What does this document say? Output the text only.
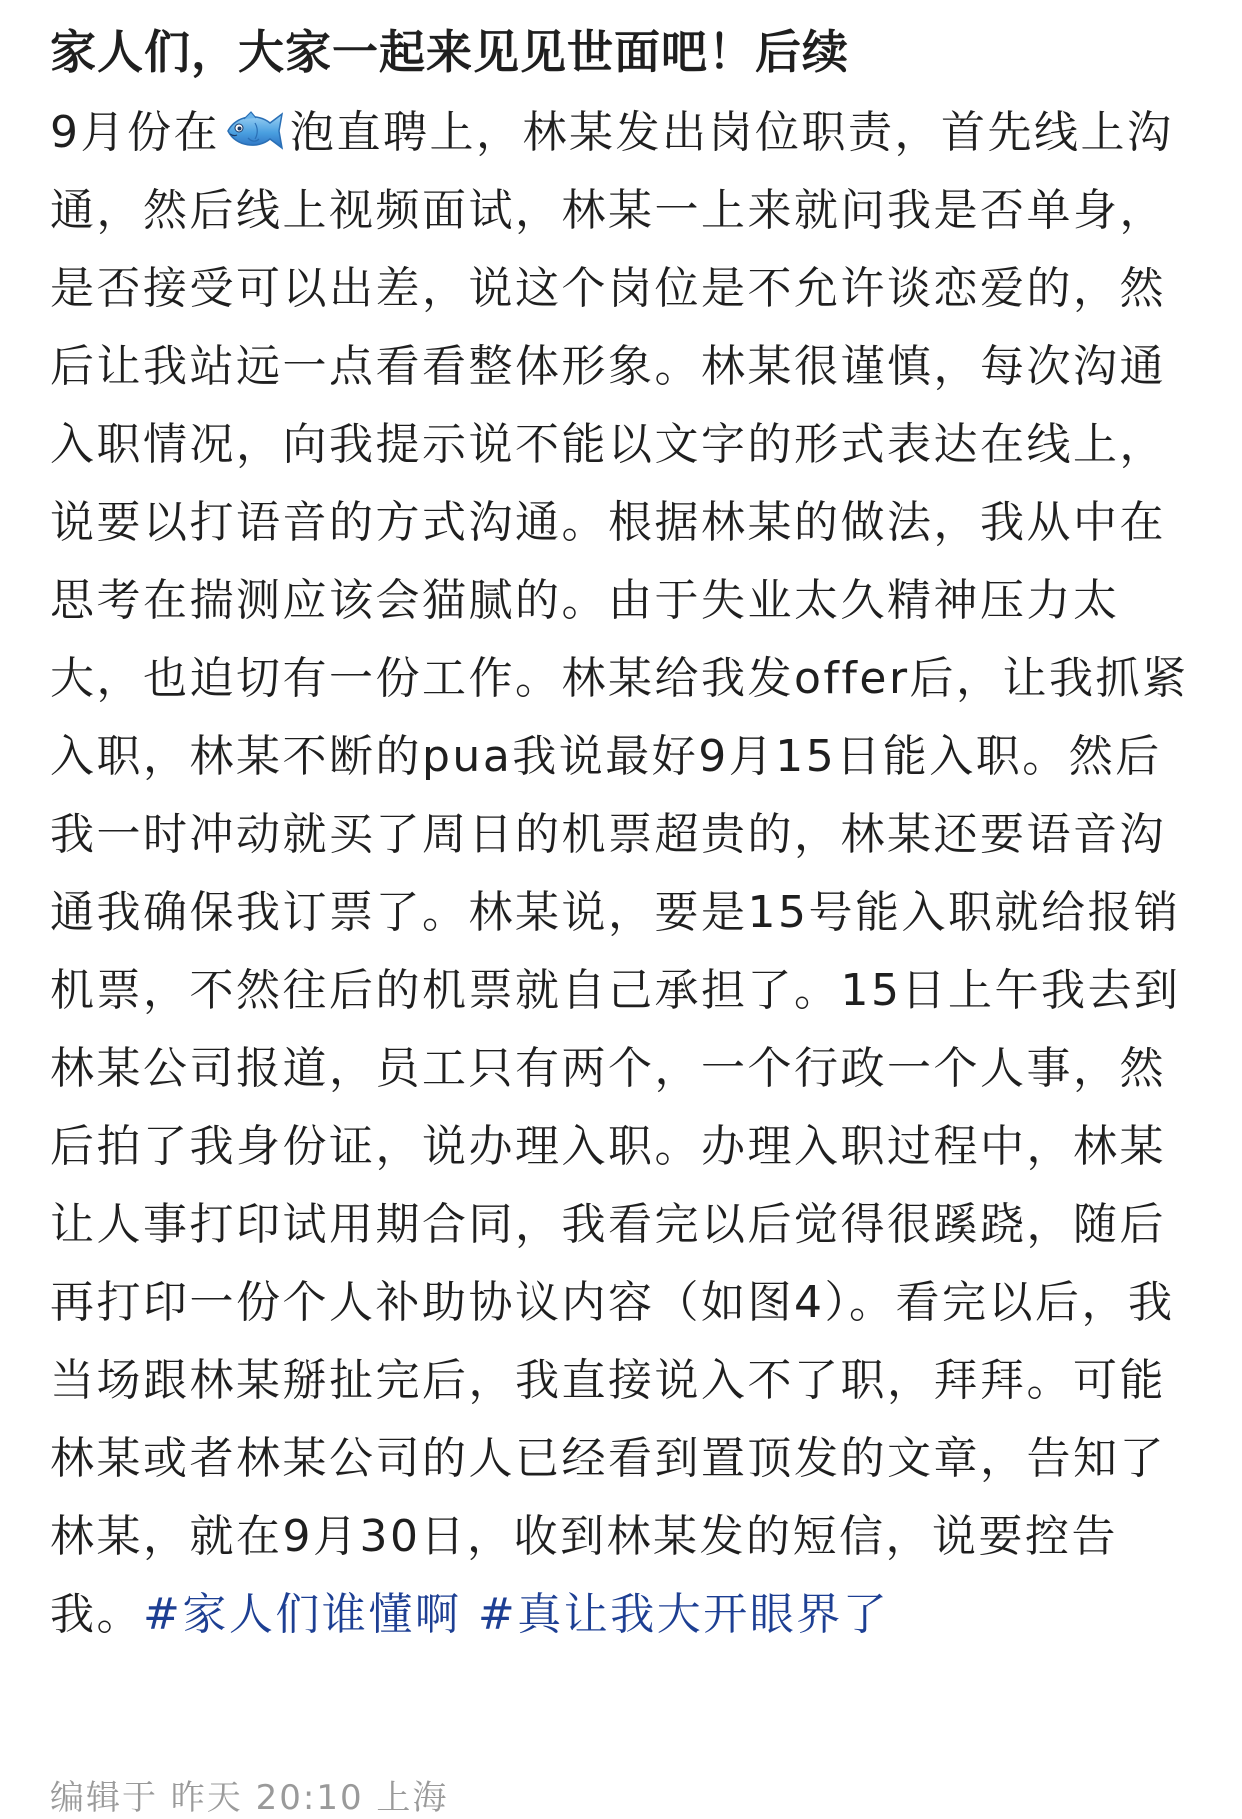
家人们，大家一起来见见世面吧！后续

9月份在 泡直聘上，林某发出岗位职责，首先线上沟通，然后线上视频面试，林某一上来就问我是否单身，是否接受可以出差，说这个岗位是不允许谈恋爱的，然后让我站远一点看看整体形象。林某很谨慎，每次沟通入职情况，向我提示说不能以文字的形式表达在线上，说要以打语音的方式沟通。根据林某的做法，我从中在思考在揣测应该会猫腻的。由于失业太久精神压力太大，也迫切有一份工作。林某给我发offer后，让我抓紧入职，林某不断的pua我说最好9月15日能入职。然后我一时冲动就买了周日的机票超贵的，林某还要语音沟通我确保我订票了。林某说，要是15号能入职就给报销机票，不然往后的机票就自己承担了。15日上午我去到林某公司报道，员工只有两个，一个行政一个人事，然后拍了我身份证，说办理入职。办理入职过程中，林某让人事打印试用期合同，我看完以后觉得很蹊跷，随后再打印一份个人补助协议内容（如图4）。看完以后，我当场跟林某掰扯完后，我直接说入不了职，拜拜。可能林某或者林某公司的人已经看到置顶发的文章，告知了林某，就在9月30日，收到林某发的短信，说要控告我。#家人们谁懂啊 #真让我大开眼界了

编辑于 昨天 20:10 上海
